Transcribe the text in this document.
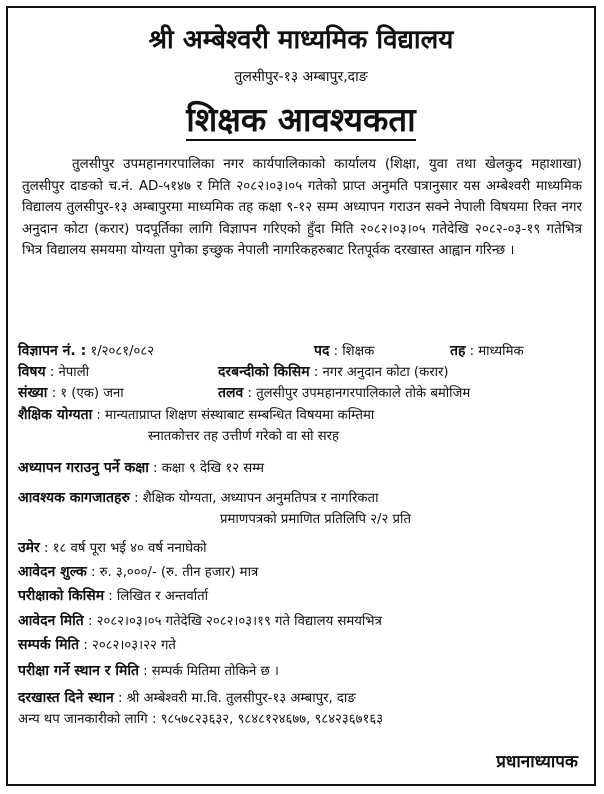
श्री अम्बेश्वरी माध्यमिक विद्यालय
तुलसीपुर-१३ अम्बापुर,दाङ
शिक्षक आवश्यकता
तुलसीपुर उपमहानगरपालिका नगर कार्यपालिकाको कार्यालय (शिक्षा, युवा तथा खेलकुद महाशाखा) तुलसीपुर दाङको च.नं. AD-५१४७ र मिति २०८२।०३।०५ गतेको प्राप्त अनुमति पत्रानुसार यस अम्बेश्वरी माध्यमिक विद्यालय तुलसीपुर-१३ अम्बापुरमा माध्यमिक तह कक्षा ९-१२ सम्म अध्यापन गराउन सक्ने नेपाली विषयमा रिक्त नगर अनुदान कोटा (करार) पदपूर्तिका लागि विज्ञापन गरिएको हुँदा मिति २०८२।०३।०५ गतेदेखि २०८२-०३-१९ गतेभित्र भित्र विद्यालय समयमा योग्यता पुगेका इच्छुक नेपाली नागरिकहरुबाट रितपूर्वक दरखास्त आह्वान गरिन्छ ।
विज्ञापन नं. : १/२०८१/०८२	पद : शिक्षक	तह : माध्यमिक
विषय : नेपाली	दरबन्दीको किसिम : नगर अनुदान कोटा (करार)
संख्या : १ (एक) जना	तलव : तुलसीपुर उपमहानगरपालिकाले तोके बमोजिम
शैक्षिक योग्यता : मान्यताप्राप्त शिक्षण संस्थाबाट सम्बन्धित विषयमा कम्तिमा
स्नातकोत्तर तह उत्तीर्ण गरेको वा सो सरह
अध्यापन गराउनु पर्ने कक्षा : कक्षा ९ देखि १२ सम्म
आवश्यक कागजातहरु : शैक्षिक योग्यता, अध्यापन अनुमतिपत्र र नागरिकता
प्रमाणपत्रको प्रमाणित प्रतिलिपि २/२ प्रति
उमेर : १८ वर्ष पूरा भई ४० वर्ष ननाघेको
आवेदन शुल्क : रु. ३,०००/- (रु. तीन हजार) मात्र
परीक्षाको किसिम : लिखित र अन्तर्वार्ता
आवेदन मिति : २०८२।०३।०५ गतेदेखि २०८२।०३।१९ गते विद्यालय समयभित्र
सम्पर्क मिति : २०८२।०३।२२ गते
परीक्षा गर्ने स्थान र मिति : सम्पर्क मितिमा तोकिने छ ।
दरखास्त दिने स्थान : श्री अम्बेश्वरी मा.वि. तुलसीपुर-१३ अम्बापुर, दाङ
अन्य थप जानकारीको लागि : ९८५७८२३६३२, ९८४८१२४६७७, ९८४२३६७१६३
प्रधानाध्यापक
